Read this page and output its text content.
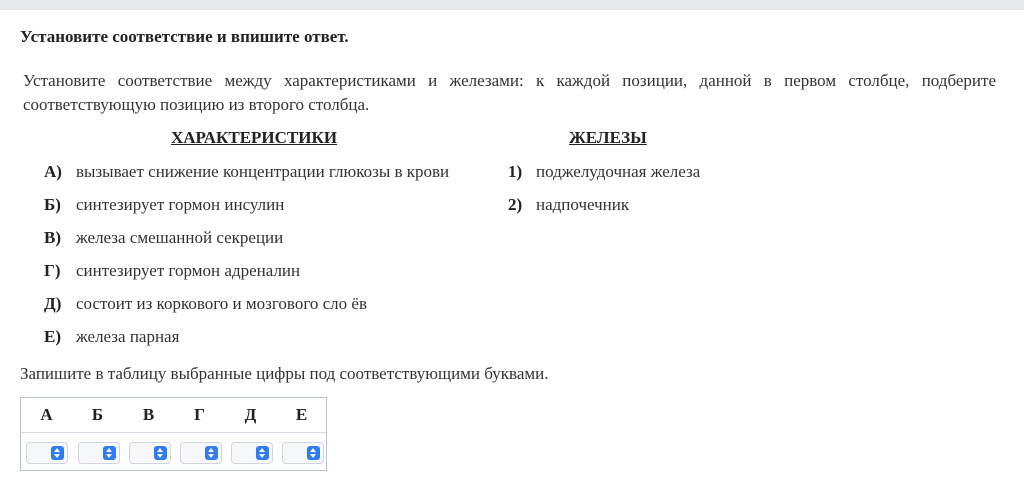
Установите соответствие и впишите ответ.
Установите соответствие между характеристиками и железами: к каждой позиции, данной в первом столбце, подберите соответствующую позицию из второго столбца.
ХАРАКТЕРИСТИКИ	ЖЕЛЕЗЫ
А) вызывает снижение концентрации глюкозы в крови
Б) синтезирует гормон инсулин
В) железа смешанной секреции
Г) синтезирует гормон адреналин
Д) состоит из коркового и мозгового сло ёв
Е) железа парная
1) поджелудочная железа
2) надпочечник
Запишите в таблицу выбранные цифры под соответствующими буквами.
А	Б	В	Г	Д	Е
